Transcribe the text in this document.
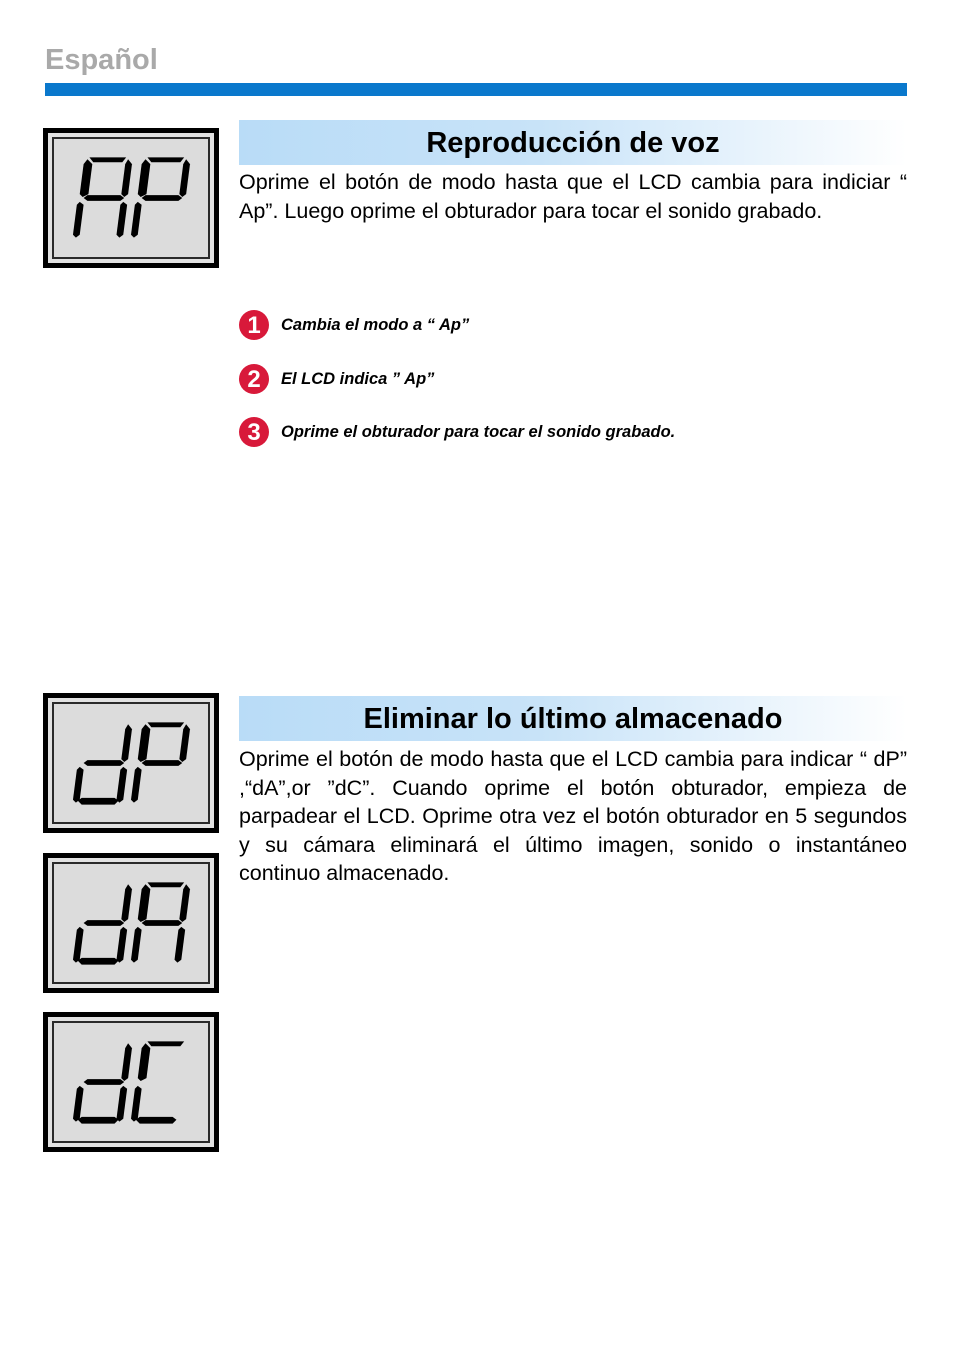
Español
Reproducción de voz
Oprime el botón de modo hasta que el LCD cambia para indiciar “ Ap”. Luego oprime el obturador para tocar el sonido grabado.
1	Cambia el modo a “ Ap”
2	El LCD indica ” Ap”
3	Oprime el obturador para tocar el sonido grabado.
Eliminar lo último almacenado
Oprime el botón de modo hasta que el LCD cambia para indicar “ dP” ,“dA”,or ”dC”. Cuando oprime el botón obturador, empieza de parpadear el LCD. Oprime otra vez el botón obturador en 5 segundos y su cámara eliminará el último imagen, sonido o instantáneo continuo almacenado.
